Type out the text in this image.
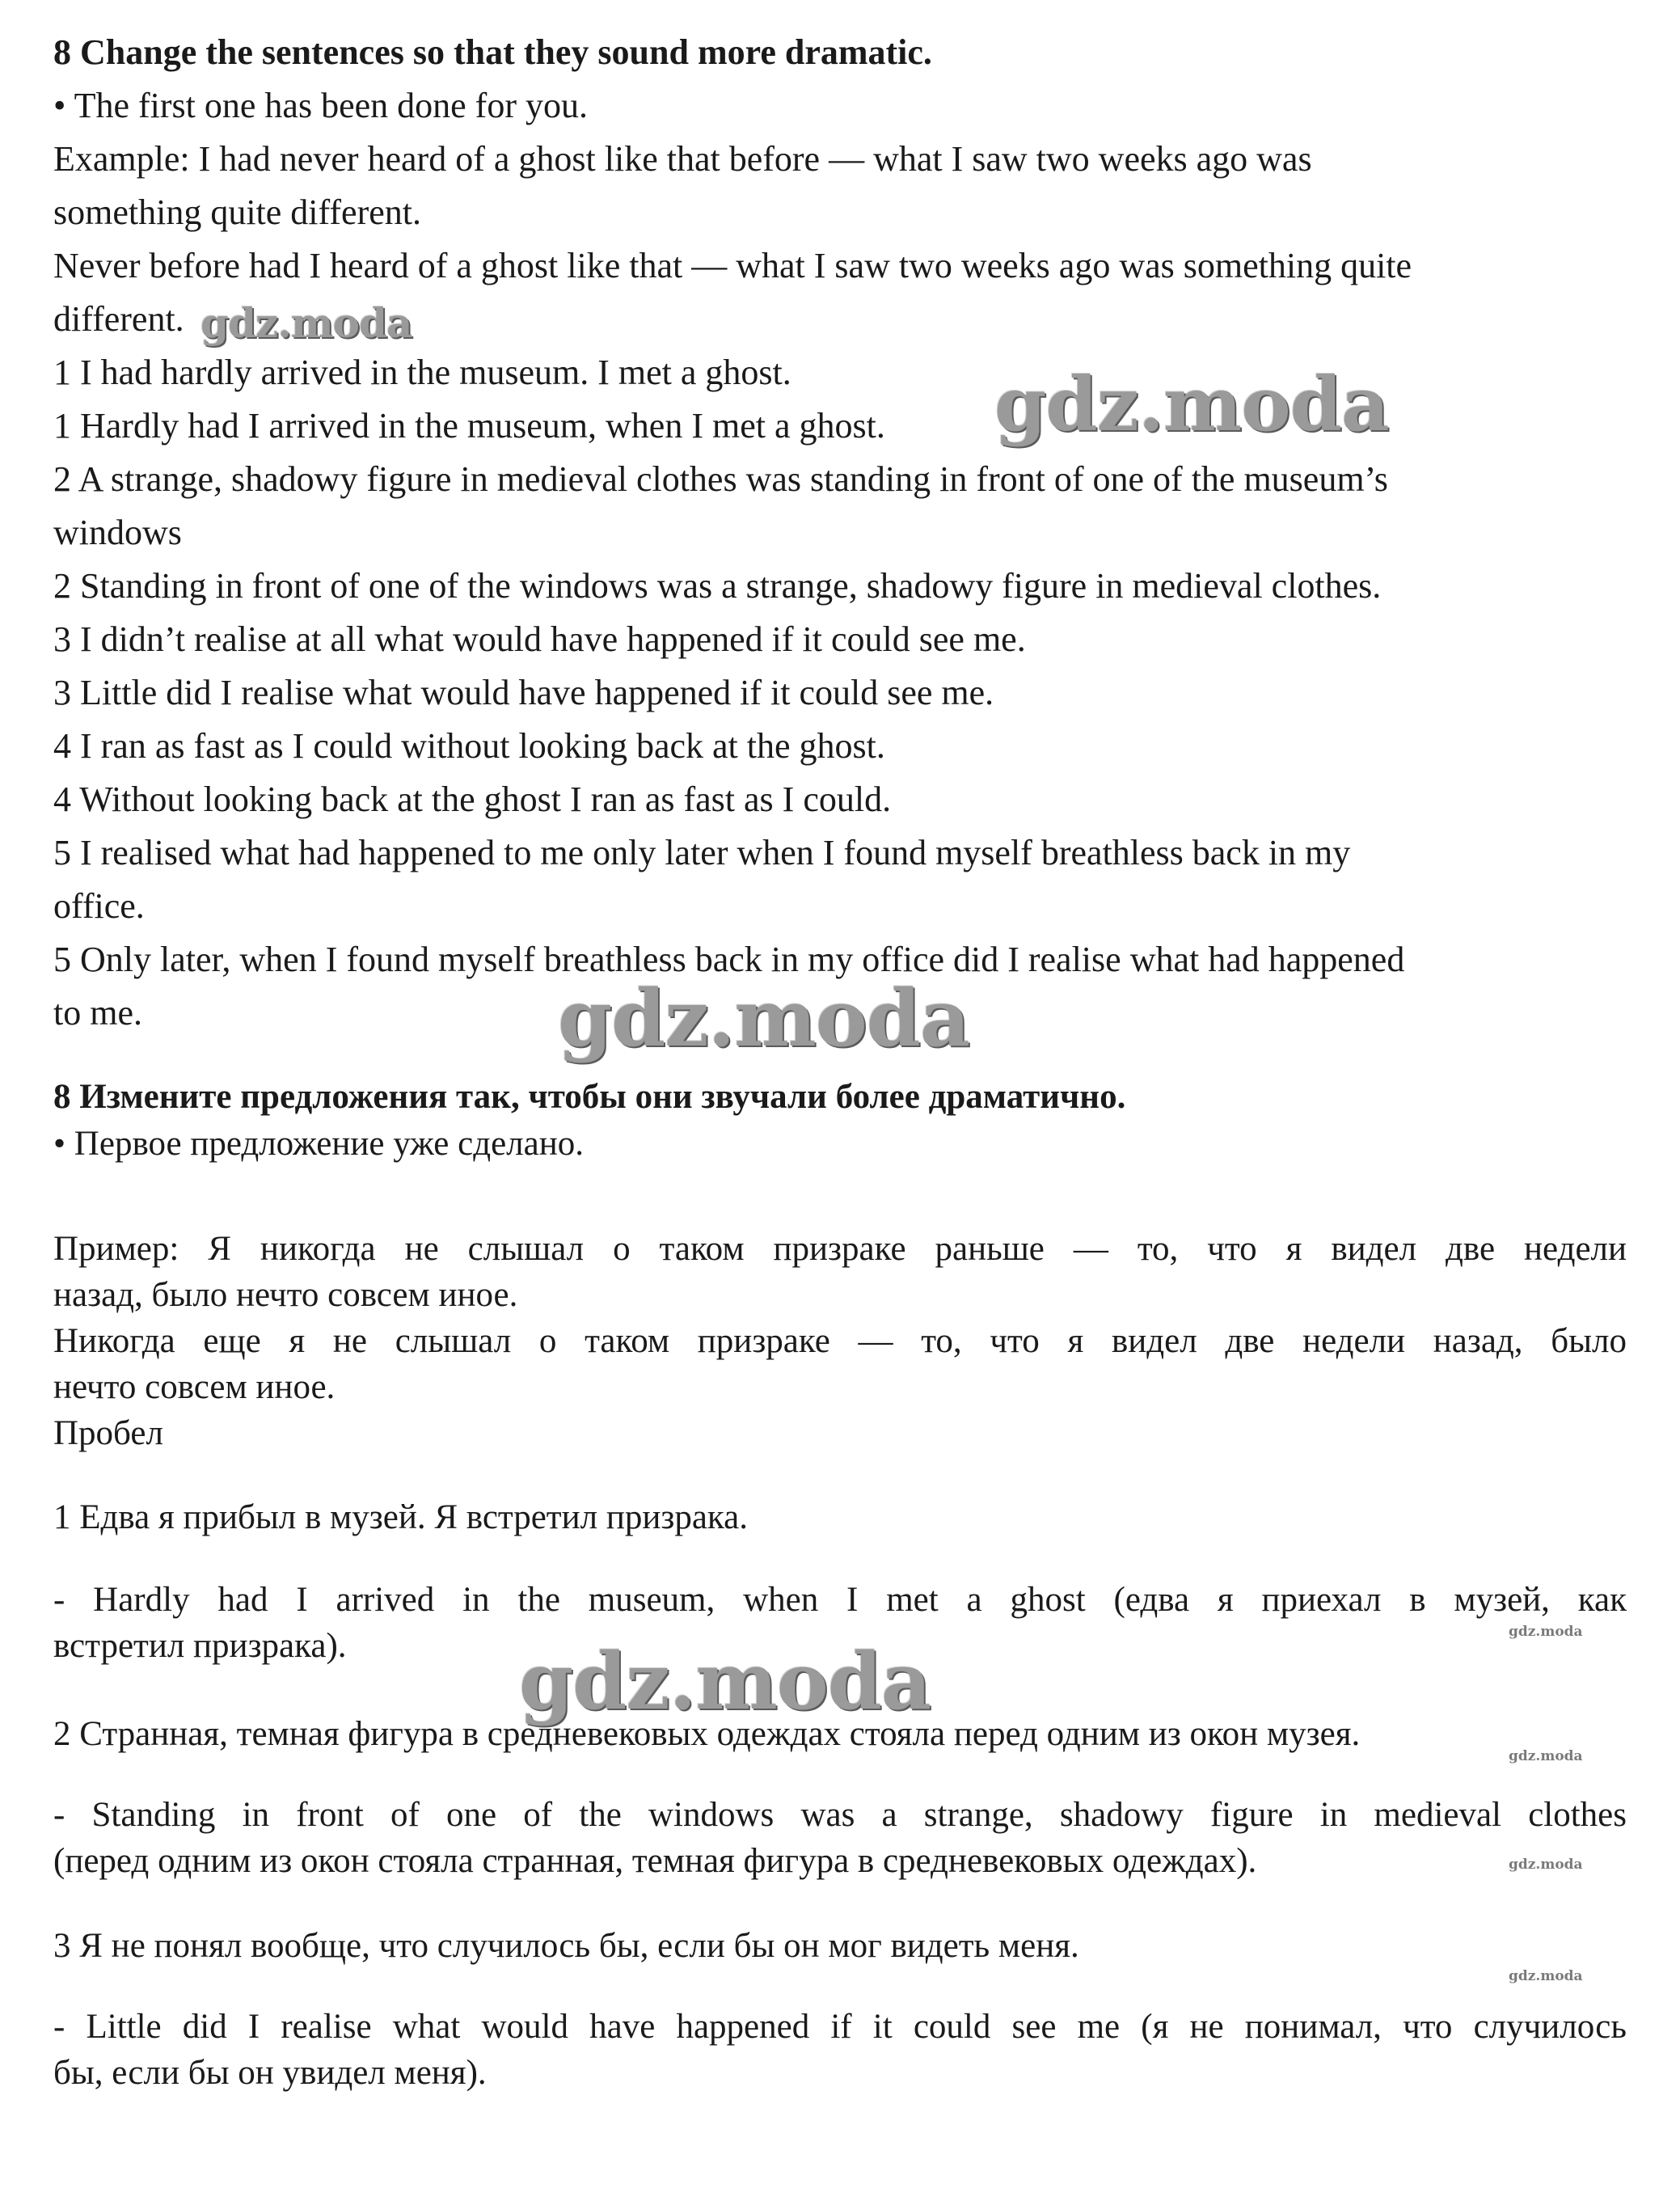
8 Change the sentences so that they sound more dramatic.

• The first one has been done for you.

Example: I had never heard of a ghost like that before — what I saw two weeks ago was

something quite different.

Never before had I heard of a ghost like that — what I saw two weeks ago was something quite

different.

1 I had hardly arrived in the museum. I met a ghost.

1 Hardly had I arrived in the museum, when I met a ghost.

2 A strange, shadowy figure in medieval clothes was standing in front of one of the museum’s

windows

2 Standing in front of one of the windows was a strange, shadowy figure in medieval clothes.

3 I didn’t realise at all what would have happened if it could see me.

3 Little did I realise what would have happened if it could see me.

4 I ran as fast as I could without looking back at the ghost.

4 Without looking back at the ghost I ran as fast as I could.

5 I realised what had happened to me only later when I found myself breathless back in my

office.

5 Only later, when I found myself breathless back in my office did I realise what had happened

to me.

8 Измените предложения так, чтобы они звучали более драматично.

• Первое предложение уже сделано.

Пример: Я никогда не слышал о таком призраке раньше — то, что я видел две недели

назад, было нечто совсем иное.

Никогда еще я не слышал о таком призраке — то, что я видел две недели назад, было

нечто совсем иное.

Пробел

1 Едва я прибыл в музей. Я встретил призрака.

- Hardly had I arrived in the museum, when I met a ghost (едва я приехал в музей, как

встретил призрака).

2 Странная, темная фигура в средневековых одеждах стояла перед одним из окон музея.

- Standing in front of one of the windows was a strange, shadowy figure in medieval clothes

(перед одним из окон стояла странная, темная фигура в средневековых одеждах).

3 Я не понял вообще, что случилось бы, если бы он мог видеть меня.

- Little did I realise what would have happened if it could see me (я не понимал, что случилось

бы, если бы он увидел меня).

gdz.moda

gdz.moda

gdz.moda

gdz.moda

gdz.moda

gdz.moda

gdz.moda

gdz.moda
